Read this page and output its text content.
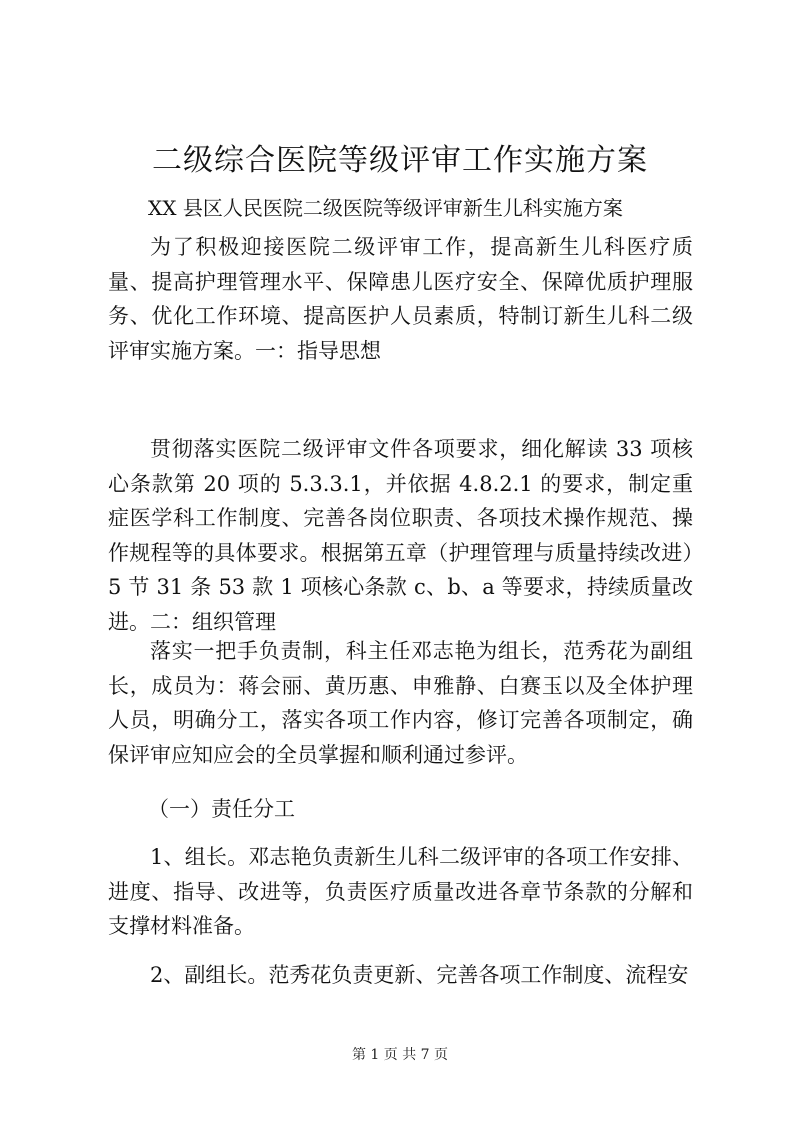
二级综合医院等级评审工作实施方案

XX 县区人民医院二级医院等级评审新生儿科实施方案

为了积极迎接医院二级评审工作，提高新生儿科医疗质量、提高护理管理水平、保障患儿医疗安全、保障优质护理服务、优化工作环境、提高医护人员素质，特制订新生儿科二级评审实施方案。一：指导思想

贯彻落实医院二级评审文件各项要求，细化解读 33 项核心条款第 20 项的 5.3.3.1，并依据 4.8.2.1 的要求，制定重症医学科工作制度、完善各岗位职责、各项技术操作规范、操作规程等的具体要求。根据第五章（护理管理与质量持续改进）5 节 31 条 53 款 1 项核心条款 c、b、a 等要求，持续质量改进。二：组织管理

落实一把手负责制，科主任邓志艳为组长，范秀花为副组长，成员为：蒋会丽、黄历惠、申雅静、白赛玉以及全体护理人员，明确分工，落实各项工作内容，修订完善各项制定，确保评审应知应会的全员掌握和顺利通过参评。

（一）责任分工

1、组长。邓志艳负责新生儿科二级评审的各项工作安排、进度、指导、改进等，负责医疗质量改进各章节条款的分解和支撑材料准备。

2、副组长。范秀花负责更新、完善各项工作制度、流程安

第 1 页 共 7 页
